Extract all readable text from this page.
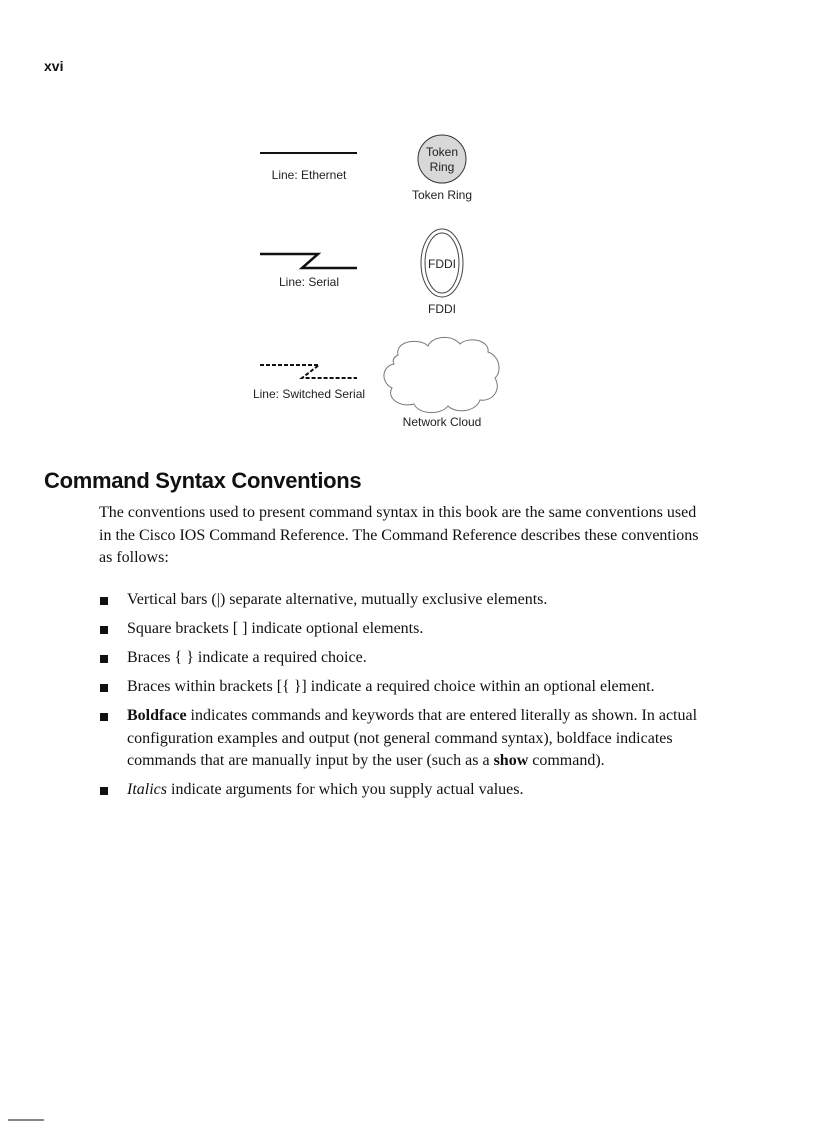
xvi
Token
Ring
FDDI
Line: Ethernet
Token Ring
Line: Serial
FDDI
Line: Switched Serial
Network Cloud
Command Syntax Conventions
The conventions used to present command syntax in this book are the same conventions used in the Cisco IOS Command Reference. The Command Reference describes these conventions as follows:
Vertical bars (|) separate alternative, mutually exclusive elements.
Square brackets [ ] indicate optional elements.
Braces { } indicate a required choice.
Braces within brackets [{ }] indicate a required choice within an optional element.
Boldface indicates commands and keywords that are entered literally as shown. In actual configuration examples and output (not general command syntax), boldface indicates commands that are manually input by the user (such as a show command).
Italics indicate arguments for which you supply actual values.
